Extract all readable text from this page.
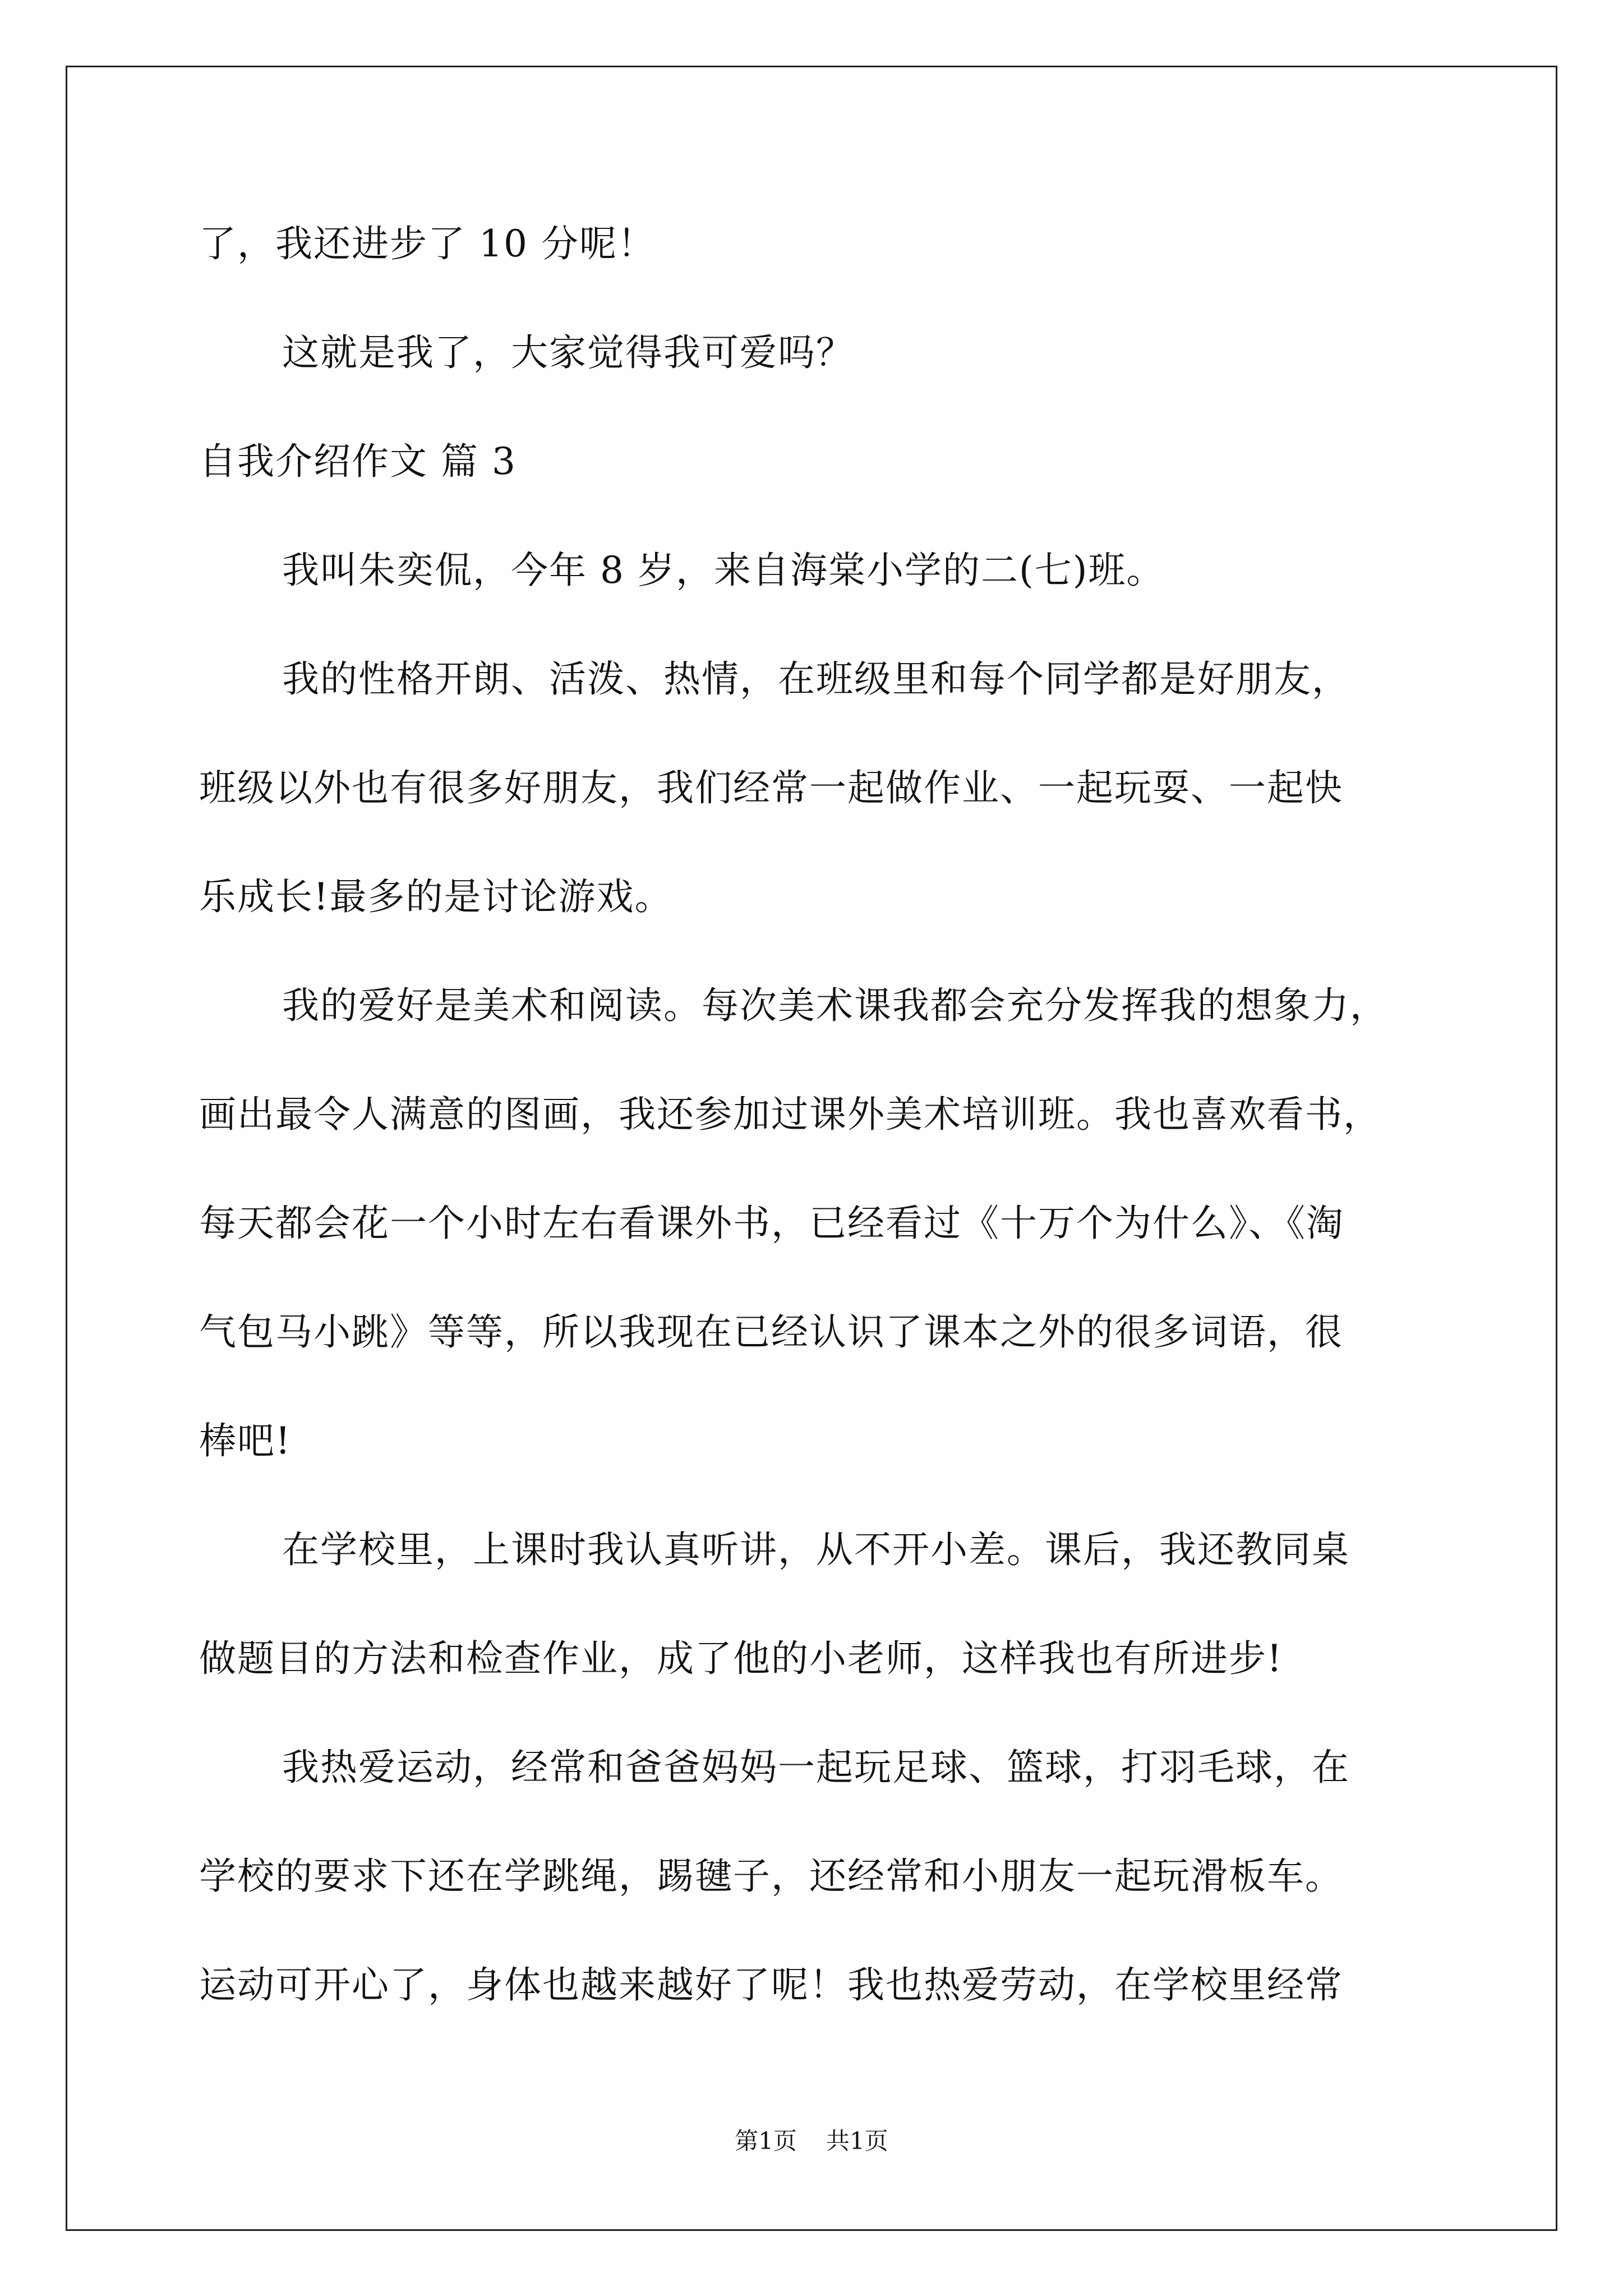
了，我还进步了 10 分呢！
这就是我了，大家觉得我可爱吗？
自我介绍作文 篇 3
我叫朱奕侃，今年 8 岁，来自海棠小学的二(七)班。
我的性格开朗、活泼、热情，在班级里和每个同学都是好朋友，
班级以外也有很多好朋友，我们经常一起做作业、一起玩耍、一起快
乐成长!最多的是讨论游戏。
我的爱好是美术和阅读。每次美术课我都会充分发挥我的想象力，
画出最令人满意的图画，我还参加过课外美术培训班。我也喜欢看书，
每天都会花一个小时左右看课外书，已经看过《十万个为什么》、《淘
气包马小跳》等等，所以我现在已经认识了课本之外的很多词语，很
棒吧!
在学校里，上课时我认真听讲，从不开小差。课后，我还教同桌
做题目的方法和检查作业，成了他的小老师，这样我也有所进步!
我热爱运动，经常和爸爸妈妈一起玩足球、篮球，打羽毛球，在
学校的要求下还在学跳绳，踢毽子，还经常和小朋友一起玩滑板车。
运动可开心了，身体也越来越好了呢！我也热爱劳动，在学校里经常
第1页 共1页
